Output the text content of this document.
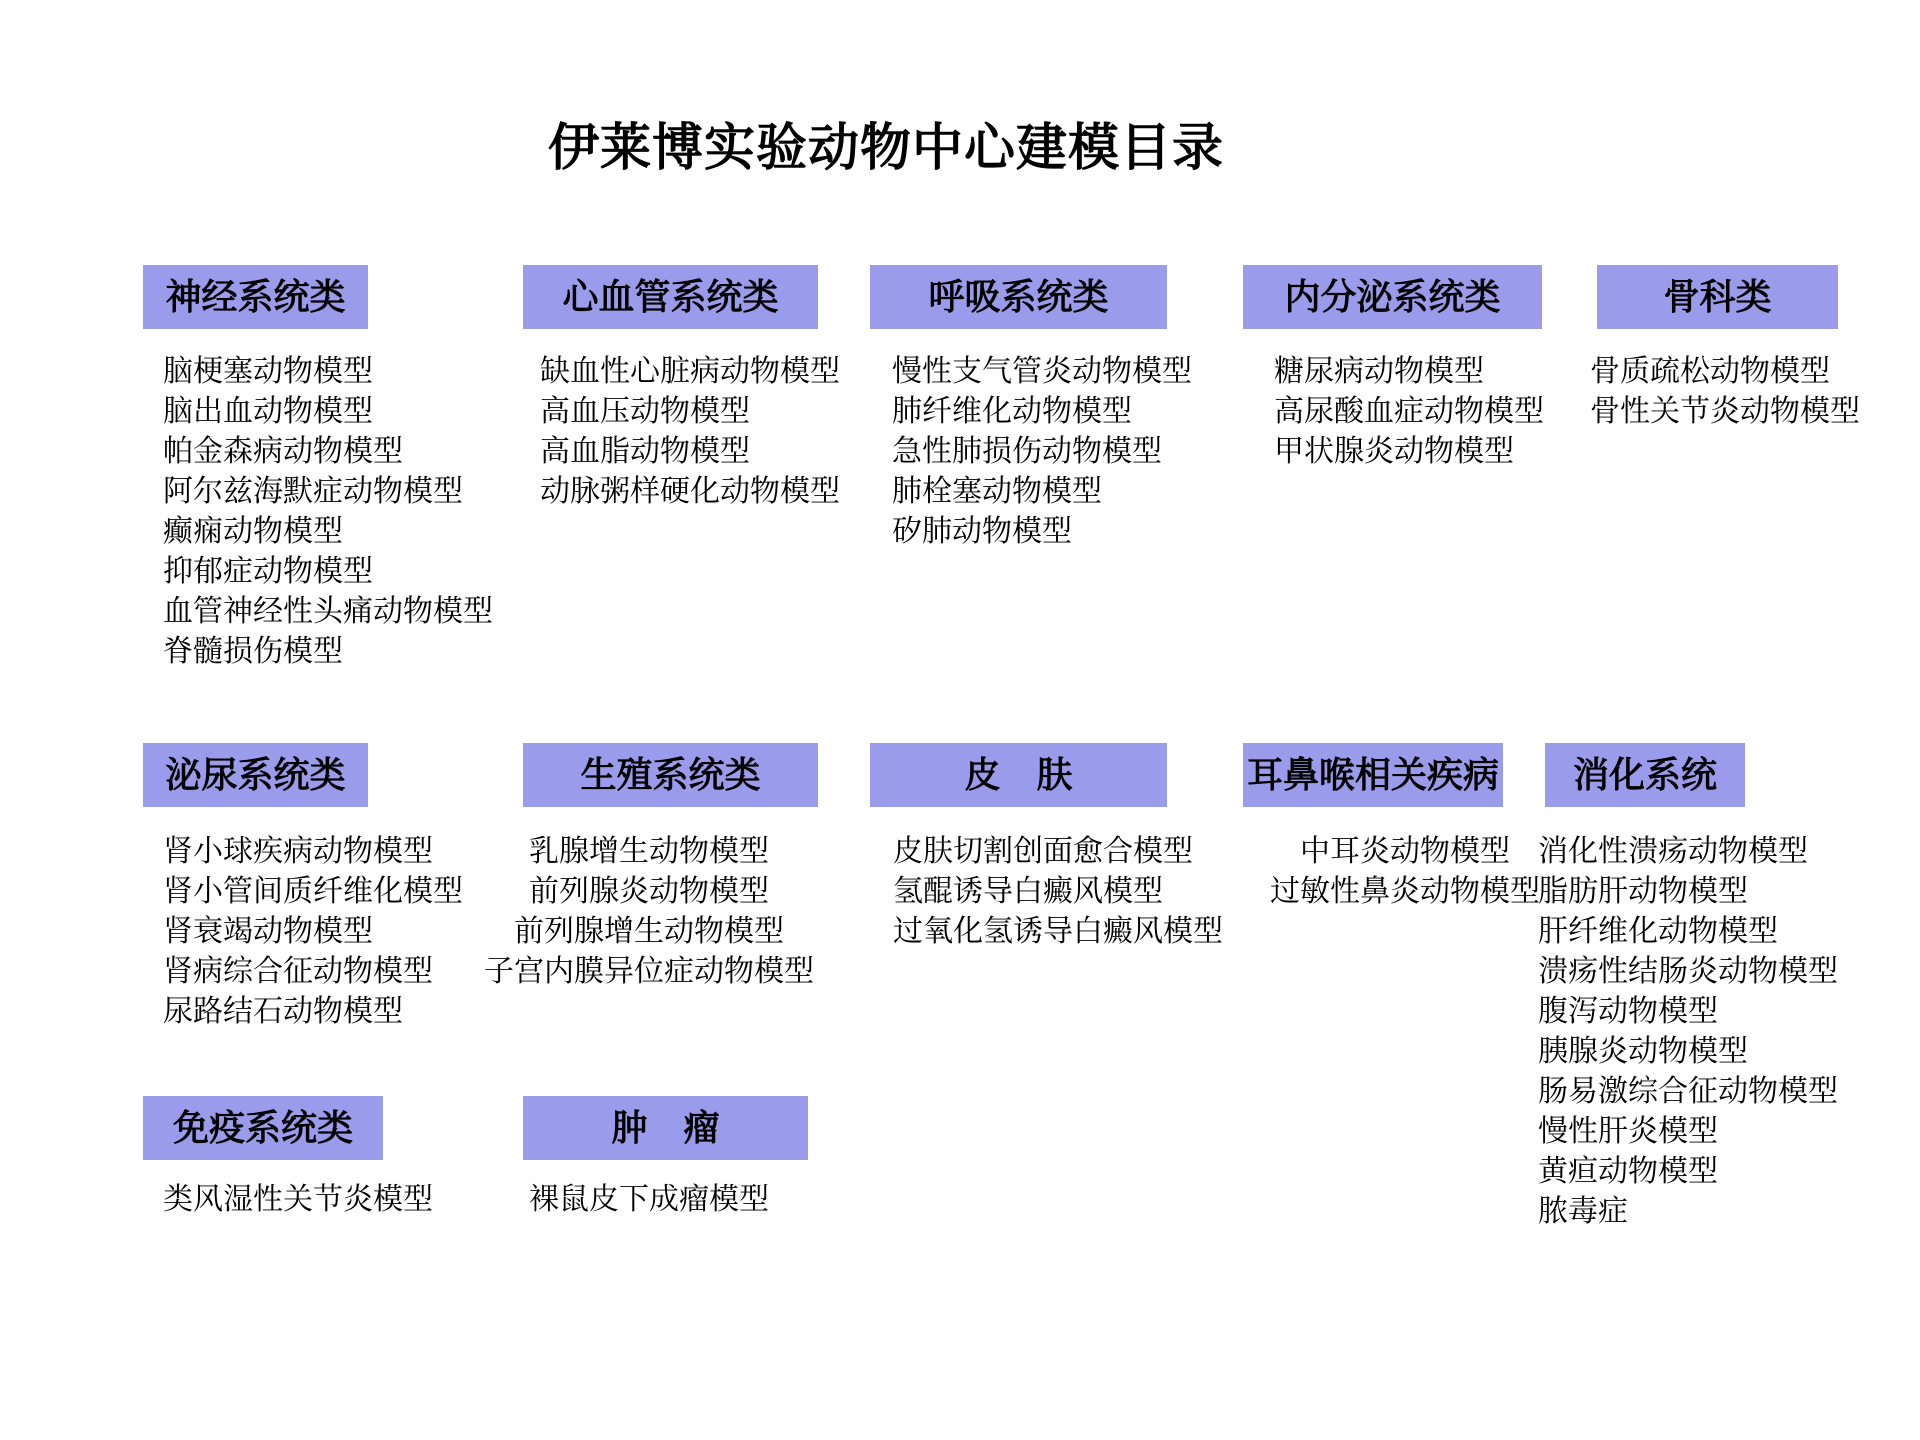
伊莱博实验动物中心建模目录
神经系统类
脑梗塞动物模型
脑出血动物模型
帕金森病动物模型
阿尔兹海默症动物模型
癫痫动物模型
抑郁症动物模型
血管神经性头痛动物模型
脊髓损伤模型
心血管系统类
缺血性心脏病动物模型
高血压动物模型
高血脂动物模型
动脉粥样硬化动物模型
呼吸系统类
慢性支气管炎动物模型
肺纤维化动物模型
急性肺损伤动物模型
肺栓塞动物模型
矽肺动物模型
内分泌系统类
糖尿病动物模型
高尿酸血症动物模型
甲状腺炎动物模型
骨科类
骨质疏松动物模型
骨性关节炎动物模型
泌尿系统类
肾小球疾病动物模型
肾小管间质纤维化模型
肾衰竭动物模型
肾病综合征动物模型
尿路结石动物模型
生殖系统类
乳腺增生动物模型
前列腺炎动物模型
前列腺增生动物模型
子宫内膜异位症动物模型
皮　肤
皮肤切割创面愈合模型
氢醌诱导白癜风模型
过氧化氢诱导白癜风模型
耳鼻喉相关疾病
中耳炎动物模型
过敏性鼻炎动物模型
消化系统
消化性溃疡动物模型
脂肪肝动物模型
肝纤维化动物模型
溃疡性结肠炎动物模型
腹泻动物模型
胰腺炎动物模型
肠易激综合征动物模型
慢性肝炎模型
黄疸动物模型
脓毒症
免疫系统类
类风湿性关节炎模型
肿　瘤
裸鼠皮下成瘤模型
